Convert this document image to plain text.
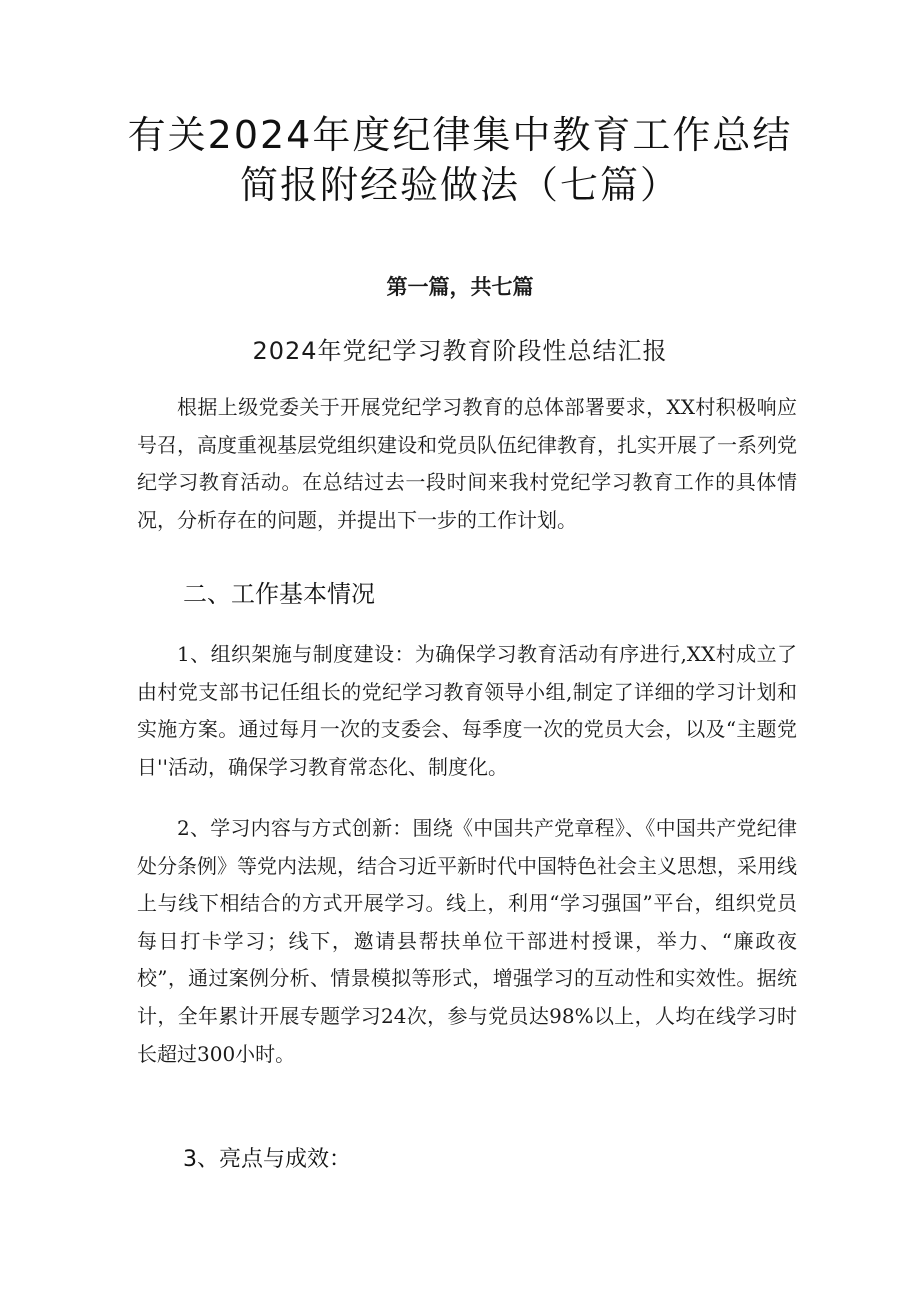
有关2024年度纪律集中教育工作总结简报附经验做法（七篇）
第一篇，共七篇
2024年党纪学习教育阶段性总结汇报

根据上级党委关于开展党纪学习教育的总体部署要求，XX村积极响应号召，高度重视基层党组织建设和党员队伍纪律教育，扎实开展了一系列党纪学习教育活动。在总结过去一段时间来我村党纪学习教育工作的具体情况，分析存在的问题，并提出下一步的工作计划。

二、工作基本情况

1、组织架施与制度建设：为确保学习教育活动有序进行,XX村成立了由村党支部书记任组长的党纪学习教育领导小组,制定了详细的学习计划和实施方案。通过每月一次的支委会、每季度一次的党员大会，以及“主题党日''活动，确保学习教育常态化、制度化。

2、学习内容与方式创新：围绕《中国共产党章程》、《中国共产党纪律处分条例》等党内法规，结合习近平新时代中国特色社会主义思想，采用线上与线下相结合的方式开展学习。线上，利用“学习强国”平台，组织党员每日打卡学习；线下，邀请县帮扶单位干部进村授课，举力、“廉政夜校”，通过案例分析、情景模拟等形式，增强学习的互动性和实效性。据统计，全年累计开展专题学习24次，参与党员达98%以上，人均在线学习时长超过300小时。

3、亮点与成效：
